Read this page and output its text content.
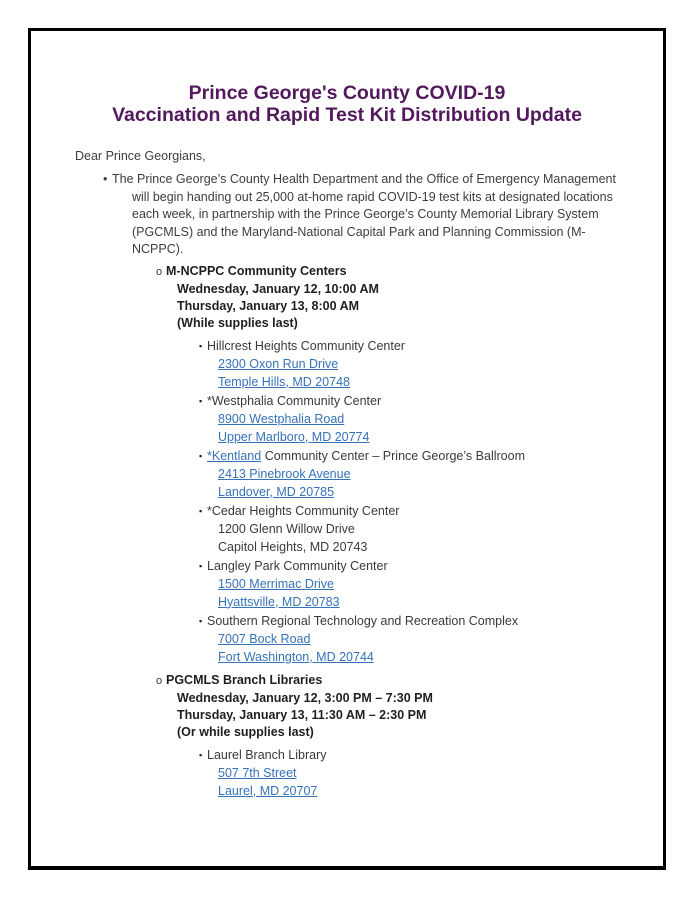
Prince George's County COVID-19
Vaccination and Rapid Test Kit Distribution Update
Dear Prince Georgians,
• The Prince George’s County Health Department and the Office of Emergency Management will begin handing out 25,000 at-home rapid COVID-19 test kits at designated locations each week, in partnership with the Prince George’s County Memorial Library System (PGCMLS) and the Maryland-National Capital Park and Planning Commission (M-NCPPC).

o M-NCPPC Community Centers

Wednesday, January 12, 10:00 AM

Thursday, January 13, 8:00 AM

(While supplies last)

▪ Hillcrest Heights Community Center

2300 Oxon Run Drive

Temple Hills, MD 20748

▪ *Westphalia Community Center

8900 Westphalia Road

Upper Marlboro, MD 20774

▪ *Kentland Community Center – Prince George’s Ballroom

2413 Pinebrook Avenue

Landover, MD 20785

▪ *Cedar Heights Community Center

1200 Glenn Willow Drive

Capitol Heights, MD 20743

▪ Langley Park Community Center

1500 Merrimac Drive

Hyattsville, MD 20783

▪ Southern Regional Technology and Recreation Complex

7007 Bock Road

Fort Washington, MD 20744

o PGCMLS Branch Libraries

Wednesday, January 12, 3:00 PM – 7:30 PM

Thursday, January 13, 11:30 AM – 2:30 PM

(Or while supplies last)

▪ Laurel Branch Library

507 7th Street

Laurel, MD 20707
